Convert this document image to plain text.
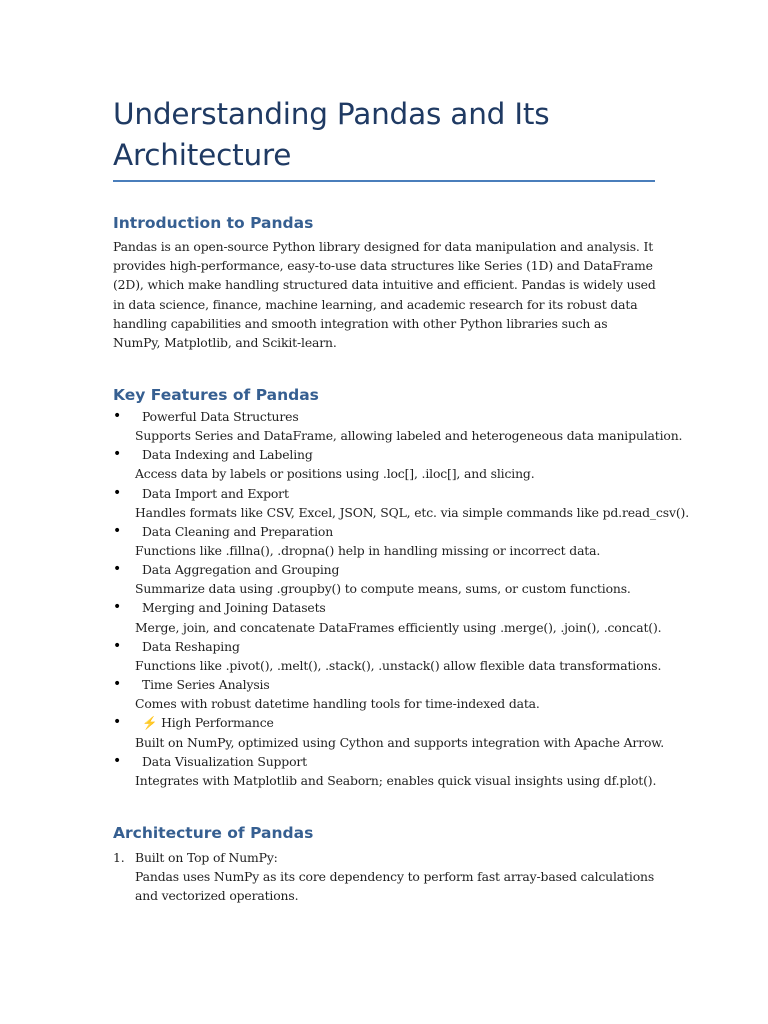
Understanding Pandas and Its Architecture
Introduction to Pandas

Pandas is an open-source Python library designed for data manipulation and analysis. It provides high-performance, easy-to-use data structures like Series (1D) and DataFrame (2D), which make handling structured data intuitive and efficient. Pandas is widely used in data science, finance, machine learning, and academic research for its robust data handling capabilities and smooth integration with other Python libraries such as NumPy, Matplotlib, and Scikit-learn.

Key Features of Pandas
•	Powerful Data Structures
Supports Series and DataFrame, allowing labeled and heterogeneous data manipulation.
•	Data Indexing and Labeling
Access data by labels or positions using .loc[], .iloc[], and slicing.
•	Data Import and Export
Handles formats like CSV, Excel, JSON, SQL, etc. via simple commands like pd.read_csv().
•	Data Cleaning and Preparation
Functions like .fillna(), .dropna() help in handling missing or incorrect data.
•	Data Aggregation and Grouping
Summarize data using .groupby() to compute means, sums, or custom functions.
•	Merging and Joining Datasets
Merge, join, and concatenate DataFrames efficiently using .merge(), .join(), .concat().
•	Data Reshaping
Functions like .pivot(), .melt(), .stack(), .unstack() allow flexible data transformations.
•	Time Series Analysis
Comes with robust datetime handling tools for time-indexed data.
•	⚡ High Performance
Built on NumPy, optimized using Cython and supports integration with Apache Arrow.
•	Data Visualization Support
Integrates with Matplotlib and Seaborn; enables quick visual insights using df.plot().
Architecture of Pandas
1. Built on Top of NumPy:
Pandas uses NumPy as its core dependency to perform fast array-based calculations and vectorized operations.
